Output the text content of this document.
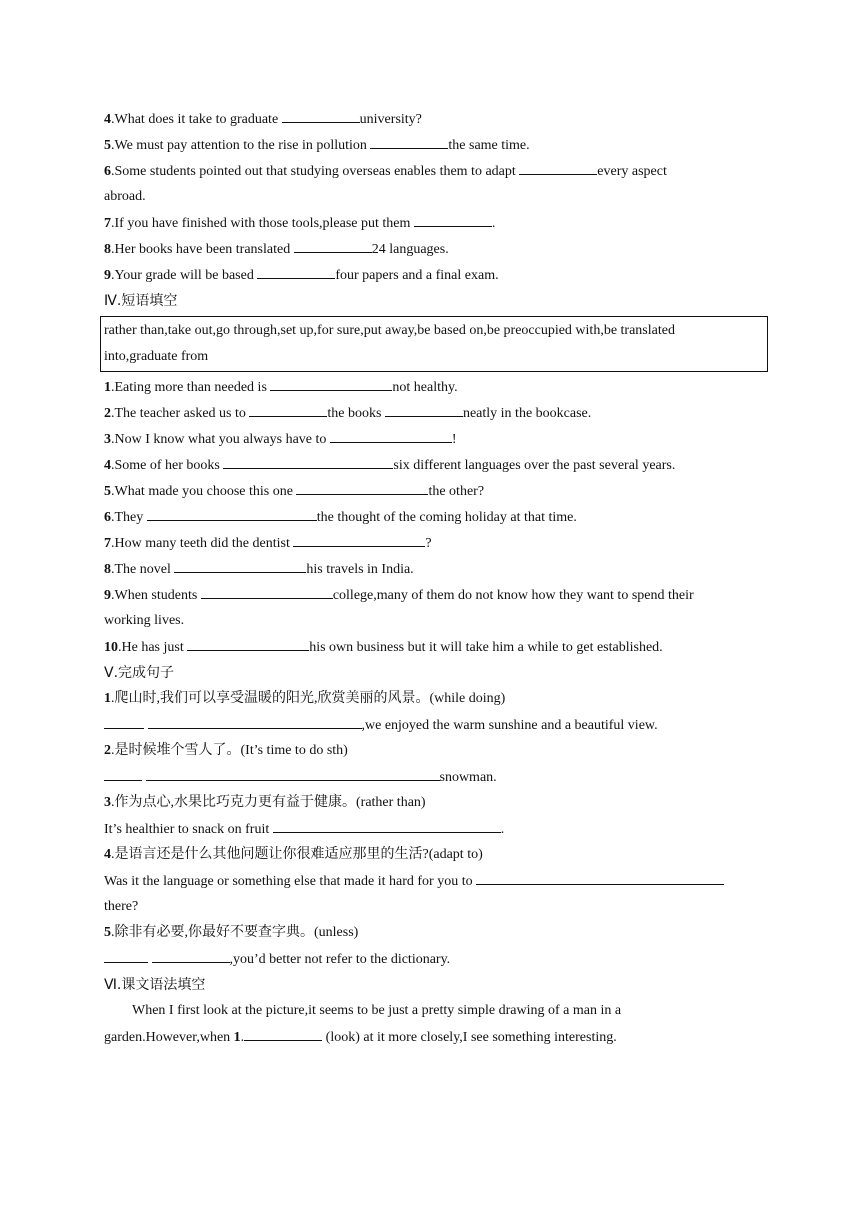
4.What does it take to graduate	university?
5.We must pay attention to the rise in pollution	the same time.
6.Some students pointed out that studying overseas enables them to adapt	every aspect
abroad.
7.If you have finished with those tools,please put them	.
8.Her books have been translated	24 languages.
9.Your grade will be based	four papers and a final exam.
Ⅳ.短语填空
rather than,take out,go through,set up,for sure,put away,be based on,be preoccupied with,be translated
into,graduate from
1.Eating more than needed is	not healthy.
2.The teacher asked us to	the books	neatly in the bookcase.
3.Now I know what you always have to	!
4.Some of her books	six different languages over the past several years.
5.What made you choose this one	the other?
6.They	the thought of the coming holiday at that time.
7.How many teeth did the dentist	?
8.The novel	his travels in India.
9.When students	college,many of them do not know how they want to spend their
working lives.
10.He has just	his own business but it will take him a while to get established.
Ⅴ.完成句子
1.爬山时,我们可以享受温暖的阳光,欣赏美丽的风景。(while doing)
,we enjoyed the warm sunshine and a beautiful view.
2.是时候堆个雪人了。(It’s time to do sth)
snowman.
3.作为点心,水果比巧克力更有益于健康。(rather than)
It’s healthier to snack on fruit	.
4.是语言还是什么其他问题让你很难适应那里的生活?(adapt to)
Was it the language or something else that made it hard for you to
there?
5.除非有必要,你最好不要查字典。(unless)
,you’d better not refer to the dictionary.
Ⅵ.课文语法填空
When I first look at the picture,it seems to be just a pretty simple drawing of a man in a
garden.However,when 1.	(look) at it more closely,I see something interesting.
